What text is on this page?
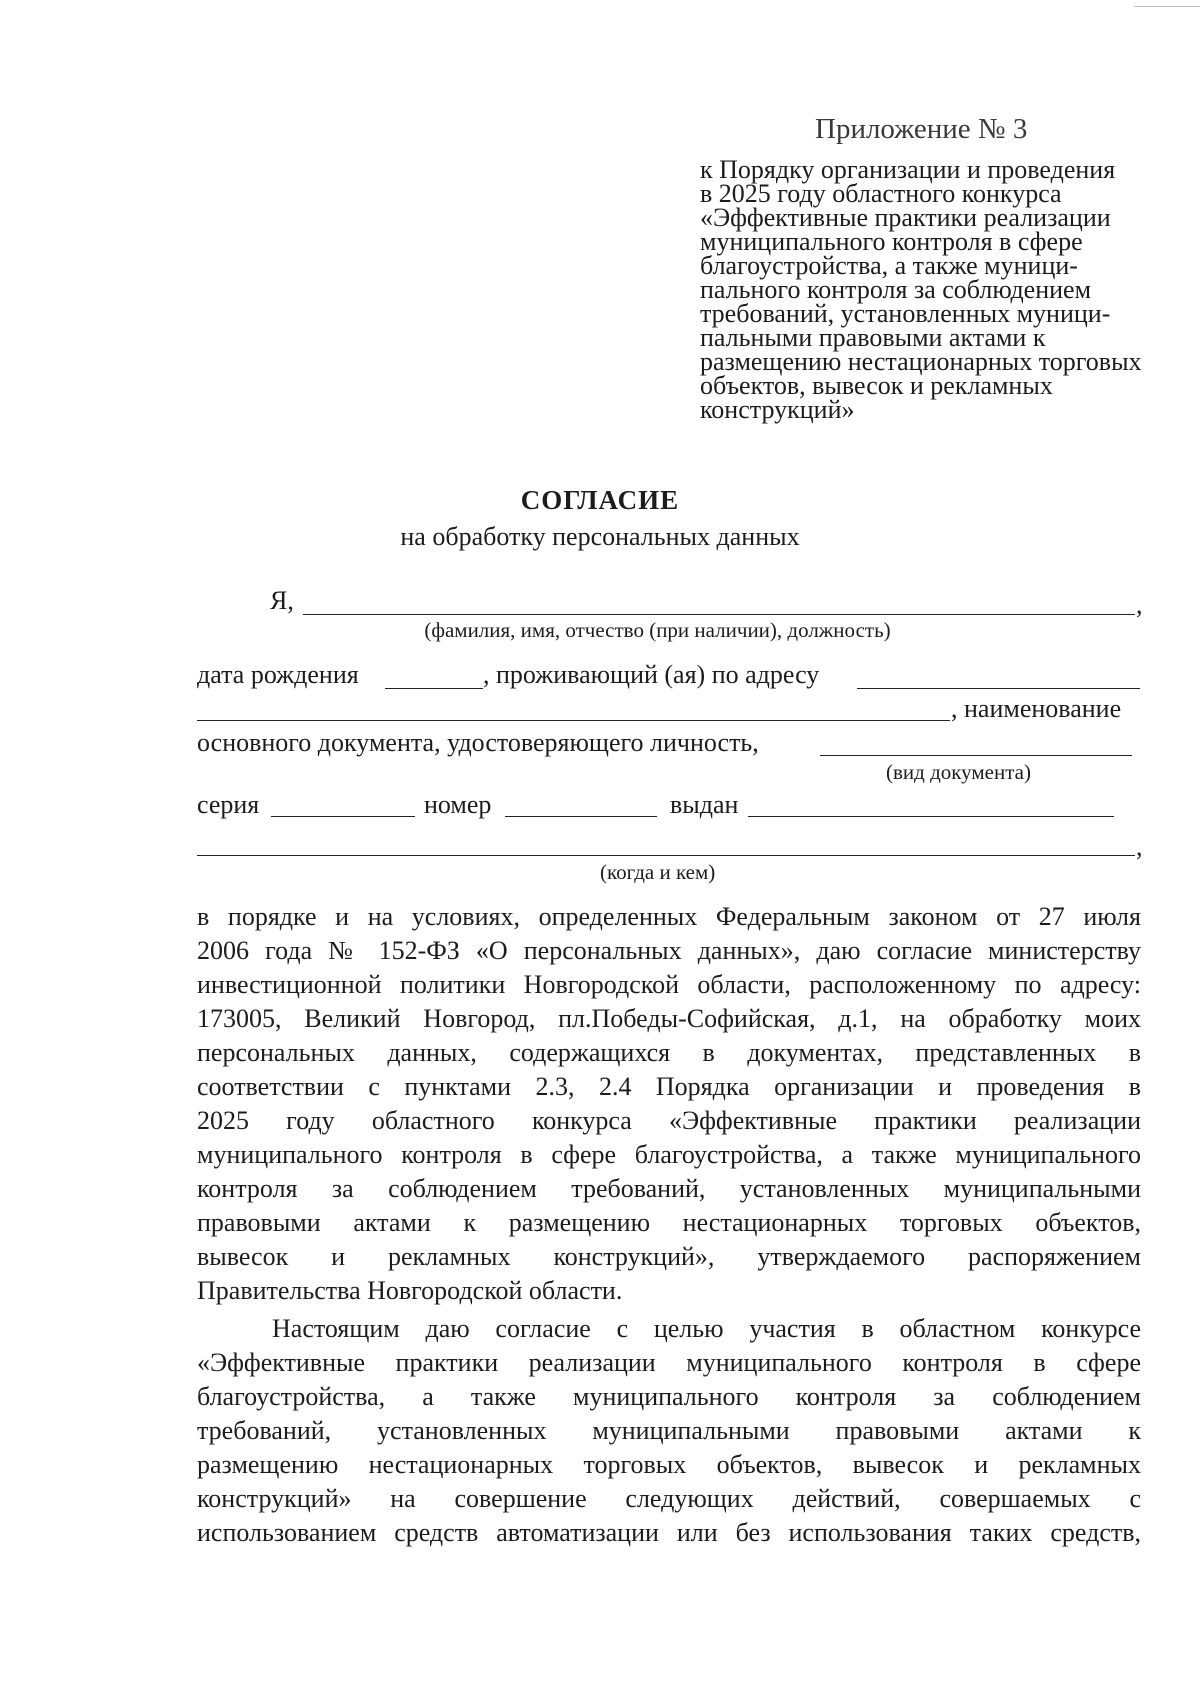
Приложение № 3
к Порядку организации и проведения
в 2025 году областного конкурса
«Эффективные практики реализации
муниципального контроля в сфере
благоустройства, а также муници-
пального контроля за соблюдением
требований, установленных муници-
пальными правовыми актами к
размещению нестационарных торговых
объектов, вывесок и рекламных
конструкций»
СОГЛАСИЕ
на обработку персональных данных
Я,	,
(фамилия, имя, отчество (при наличии), должность)
дата рождения	, проживающий (ая) по адресу
, наименование
основного документа, удостоверяющего личность,
(вид документа)
серия	номер	выдан
,
(когда и кем)
в порядке и на условиях, определенных Федеральным законом от 27 июля
2006 года № 152-ФЗ «О персональных данных», даю согласие министерству
инвестиционной политики Новгородской области, расположенному по адресу:
173005, Великий Новгород, пл.Победы-Софийская, д.1, на обработку моих
персональных данных, содержащихся в документах, представленных в
соответствии с пунктами 2.3, 2.4 Порядка организации и проведения в
2025 году областного конкурса «Эффективные практики реализации
муниципального контроля в сфере благоустройства, а также муниципального
контроля за соблюдением требований, установленных муниципальными
правовыми актами к размещению нестационарных торговых объектов,
вывесок и рекламных конструкций», утверждаемого распоряжением
Правительства Новгородской области.
Настоящим даю согласие с целью участия в областном конкурсе
«Эффективные практики реализации муниципального контроля в сфере
благоустройства, а также муниципального контроля за соблюдением
требований, установленных муниципальными правовыми актами к
размещению нестационарных торговых объектов, вывесок и рекламных
конструкций» на совершение следующих действий, совершаемых с
использованием средств автоматизации или без использования таких средств,
